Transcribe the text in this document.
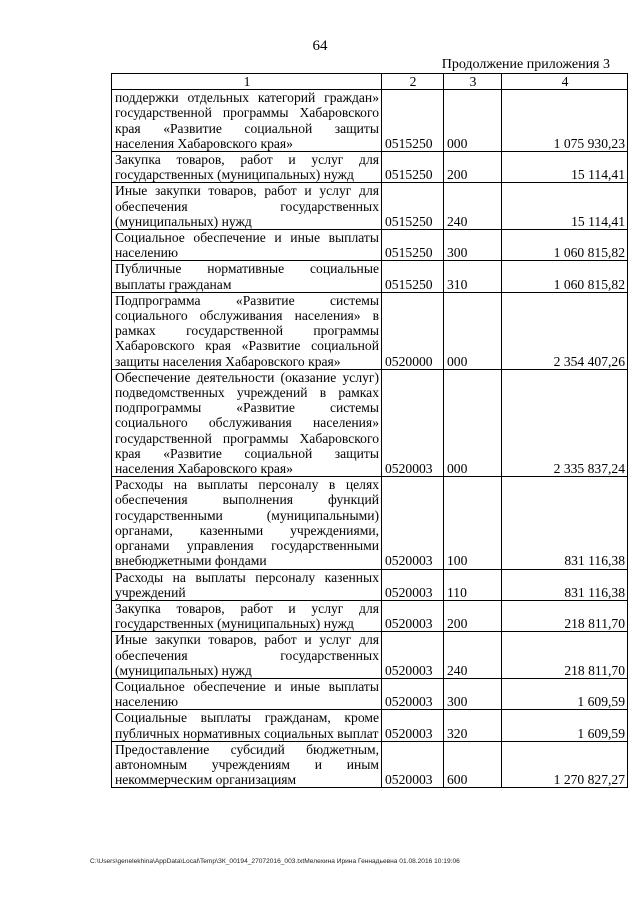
64
Продолжение приложения 3
1	2	3	4
поддержки отдельных категорий граждан» государственной программы Хабаровского края «Развитие социальной защиты населения Хабаровского края»	0515250	000	1 075 930,23
Закупка товаров, работ и услуг для государственных (муниципальных) нужд	0515250	200	15 114,41
Иные закупки товаров, работ и услуг для обеспечения государственных (муниципальных) нужд	0515250	240	15 114,41
Социальное обеспечение и иные выплаты населению	0515250	300	1 060 815,82
Публичные нормативные социальные выплаты гражданам	0515250	310	1 060 815,82
Подпрограмма «Развитие системы социального обслуживания населения» в рамках государственной программы Хабаровского края «Развитие социальной защиты населения Хабаровского края»	0520000	000	2 354 407,26
Обеспечение деятельности (оказание услуг) подведомственных учреждений в рамках подпрограммы «Развитие системы социального обслуживания населения» государственной программы Хабаровского края «Развитие социальной защиты населения Хабаровского края»	0520003	000	2 335 837,24
Расходы на выплаты персоналу в целях обеспечения выполнения функций государственными (муниципальными) органами, казенными учреждениями, органами управления государственными внебюджетными фондами	0520003	100	831 116,38
Расходы на выплаты персоналу казенных учреждений	0520003	110	831 116,38
Закупка товаров, работ и услуг для государственных (муниципальных) нужд	0520003	200	218 811,70
Иные закупки товаров, работ и услуг для обеспечения государственных (муниципальных) нужд	0520003	240	218 811,70
Социальное обеспечение и иные выплаты населению	0520003	300	1 609,59
Социальные выплаты гражданам, кроме публичных нормативных социальных выплат	0520003	320	1 609,59
Предоставление субсидий бюджетным, автономным учреждениям и иным некоммерческим организациям	0520003	600	1 270 827,27
C:\Users\genelekhina\AppData\Local\Temp\ЗК_00194_27072016_003.txtМелехина Ирина Геннадьевна 01.08.2016 10:19:06
